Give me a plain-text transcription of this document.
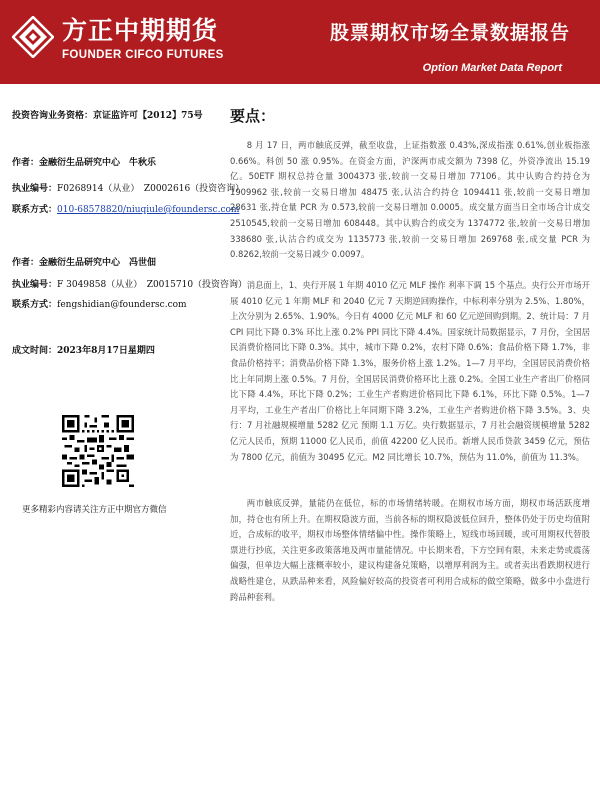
方正中期期货
FOUNDER CIFCO FUTURES
股票期权市场全景数据报告
Option Market Data Report
投资咨询业务资格：京证监许可【2012】75号
作者：金融衍生品研究中心　牛秋乐
执业编号：F0268914（从业）　Z0002616（投资咨询）
联系方式：010-68578820/niuqiule@foundersc.com
作者：金融衍生品研究中心　冯世佃
执业编号：F 3049858（从业）　Z0015710（投资咨询）
联系方式：fengshidian@foundersc.com
成文时间：2023年8月17日星期四
更多精彩内容请关注方正中期官方微信
要点：

8 月 17 日，两市触底反弹，截至收盘，上证指数涨 0.43%,深成指涨 0.61%,创业板指涨 0.66%。科创 50 涨 0.95%。在资金方面，沪深两市成交额为 7398 亿，外资净流出 15.19 亿。50ETF 期权总持仓量 3004373 张,较前一交易日增加 77106。其中认购合约持仓为 1909962 张,较前一交易日增加 48475 张,认沽合约持仓 1094411 张,较前一交易日增加 28631 张,持仓量 PCR 为 0.573,较前一交易日增加 0.0005。成交量方面当日全市场合计成交 2510545,较前一交易日增加 608448。其中认购合约成交为 1374772 张,较前一交易日增加 338680 张,认沽合约成交为 1135773 张,较前一交易日增加 269768 张,成交量 PCR 为 0.8262,较前一交易日减少 0.0097。

消息面上，1、央行开展 1 年期 4010 亿元 MLF 操作 利率下调 15 个基点。央行公开市场开展 4010 亿元 1 年期 MLF 和 2040 亿元 7 天期逆回购操作，中标利率分别为 2.5%、1.80%，上次分别为 2.65%、1.90%。今日有 4000 亿元 MLF 和 60 亿元逆回购到期。2、统计局：7 月 CPI 同比下降 0.3% 环比上涨 0.2% PPI 同比下降 4.4%。国家统计局数据显示，7 月份，全国居民消费价格同比下降 0.3%。其中，城市下降 0.2%，农村下降 0.6%；食品价格下降 1.7%，非食品价格持平；消费品价格下降 1.3%，服务价格上涨 1.2%。1—7 月平均，全国居民消费价格比上年同期上涨 0.5%。7 月份，全国居民消费价格环比上涨 0.2%。全国工业生产者出厂价格同比下降 4.4%，环比下降 0.2%；工业生产者购进价格同比下降 6.1%，环比下降 0.5%。1—7 月平均，工业生产者出厂价格比上年同期下降 3.2%，工业生产者购进价格下降 3.5%。3、央行：7 月社融规模增量 5282 亿元 预期 1.1 万亿。央行数据显示，7 月社会融资规模增量 5282 亿元人民币，预期 11000 亿人民币，前值 42200 亿人民币。新增人民币贷款 3459 亿元，预估为 7800 亿元，前值为 30495 亿元。M2 同比增长 10.7%，预估为 11.0%，前值为 11.3%。

两市触底反弹，量能仍在低位，标的市场情绪转暖。在期权市场方面，期权市场活跃度增加，持仓也有所上升。在期权隐波方面，当前各标的期权隐波低位回升，整体仍处于历史均值附近，合成标的收平，期权市场整体情绪偏中性。操作策略上，短线市场回暖，或可用期权代替股票进行抄底，关注更多政策落地及两市量能情况。中长期来看，下方空间有限，未来走势或震荡偏强，但单边大幅上涨概率较小，建议构建备兑策略，以增厚利润为主。或者卖出看跌期权进行战略性建仓，从跌品种来看，风险偏好较高的投资者可利用合成标的做空策略，做多中小盘进行跨品种套利。
